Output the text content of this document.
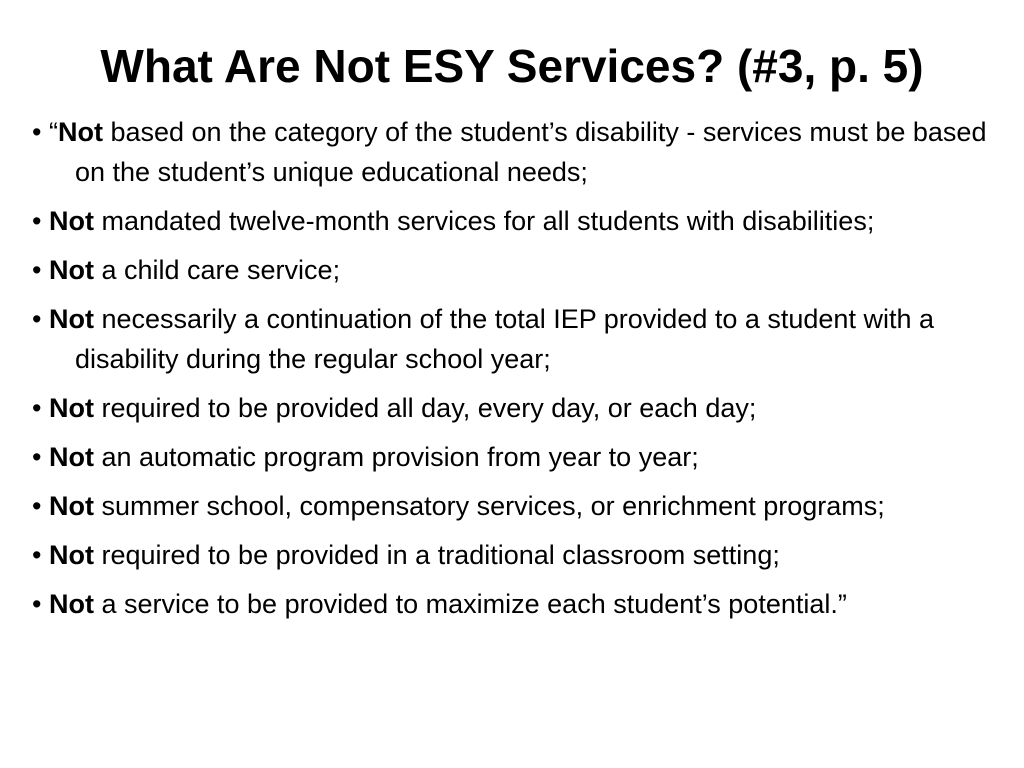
What Are Not ESY Services? (#3, p. 5)
• “Not based on the category of the student’s disability - services must be based on the student’s unique educational needs;
• Not mandated twelve-month services for all students with disabilities;
• Not a child care service;
• Not necessarily a continuation of the total IEP provided to a student with a disability during the regular school year;
• Not required to be provided all day, every day, or each day;
• Not an automatic program provision from year to year;
• Not summer school, compensatory services, or enrichment programs;
• Not required to be provided in a traditional classroom setting;
• Not a service to be provided to maximize each student’s potential.”
